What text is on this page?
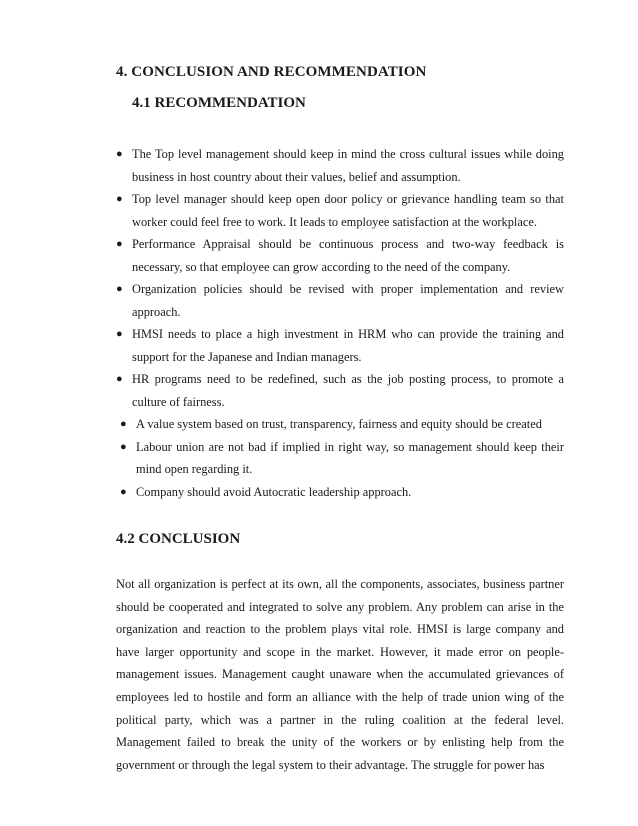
4. CONCLUSION AND RECOMMENDATION
4.1 RECOMMENDATION
● The Top level management should keep in mind the cross cultural issues while doing business in host country about their values, belief and assumption.
● Top level manager should keep open door policy or grievance handling team so that worker could feel free to work. It leads to employee satisfaction at the workplace.
● Performance Appraisal should be continuous process and two-way feedback is necessary, so that employee can grow according to the need of the company.
● Organization policies should be revised with proper implementation and review approach.
● HMSI needs to place a high investment in HRM who can provide the training and support for the Japanese and Indian managers.
● HR programs need to be redefined, such as the job posting process, to promote a culture of fairness.
● A value system based on trust, transparency, fairness and equity should be created
● Labour union are not bad if implied in right way, so management should keep their mind open regarding it.
● Company should avoid Autocratic leadership approach.
4.2 CONCLUSION

Not all organization is perfect at its own, all the components, associates, business partner should be cooperated and integrated to solve any problem. Any problem can arise in the organization and reaction to the problem plays vital role. HMSI is large company and have larger opportunity and scope in the market. However, it made error on people-management issues. Management caught unaware when the accumulated grievances of employees led to hostile and form an alliance with the help of trade union wing of the political party, which was a partner in the ruling coalition at the federal level. Management failed to break the unity of the workers or by enlisting help from the government or through the legal system to their advantage. The struggle for power has
